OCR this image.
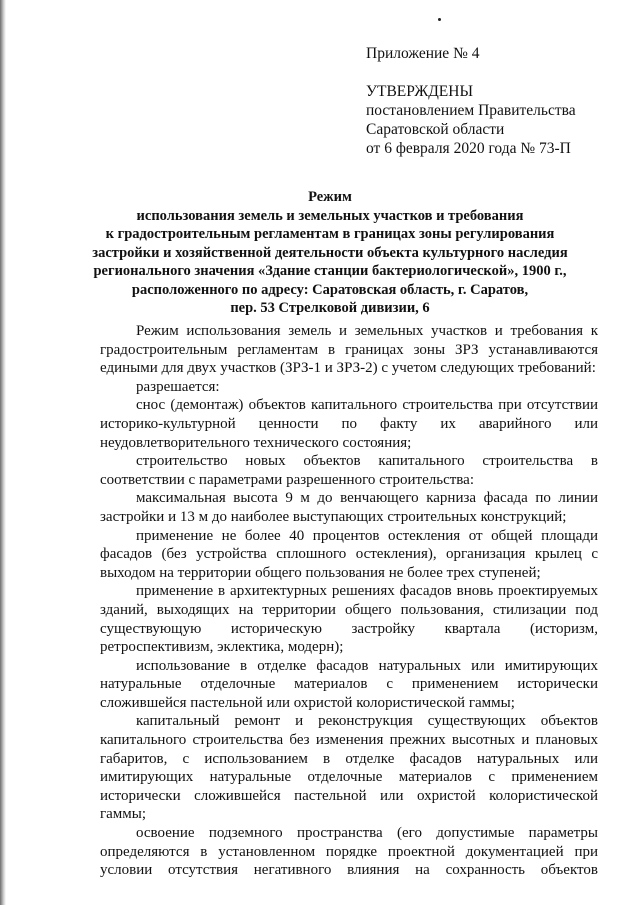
Приложение № 4
УТВЕРЖДЕНЫ
постановлением Правительства
Саратовской области
от 6 февраля 2020 года № 73-П
Режим
использования земель и земельных участков и требования
к градостроительным регламентам в границах зоны регулирования
застройки и хозяйственной деятельности объекта культурного наследия
регионального значения «Здание станции бактериологической», 1900 г.,
расположенного по адресу: Саратовская область, г. Саратов,
пер. 53 Стрелковой дивизии, 6

Режим использования земель и земельных участков и требования к градостроительным регламентам в границах зоны ЗРЗ устанавливаются едиными для двух участков (ЗРЗ-1 и ЗРЗ-2) с учетом следующих требований:

разрешается:

снос (демонтаж) объектов капитального строительства при отсутствии историко-культурной ценности по факту их аварийного или неудовлетворительного технического состояния;

строительство новых объектов капитального строительства в соответствии с параметрами разрешенного строительства:

максимальная высота 9 м до венчающего карниза фасада по линии застройки и 13 м до наиболее выступающих строительных конструкций;

применение не более 40 процентов остекления от общей площади фасадов (без устройства сплошного остекления), организация крылец с выходом на территории общего пользования не более трех ступеней;

применение в архитектурных решениях фасадов вновь проектируемых зданий, выходящих на территории общего пользования, стилизации под существующую историческую застройку квартала (историзм, ретроспективизм, эклектика, модерн);

использование в отделке фасадов натуральных или имитирующих натуральные отделочные материалов с применением исторически сложившейся пастельной или охристой колористической гаммы;

капитальный ремонт и реконструкция существующих объектов капитального строительства без изменения прежних высотных и плановых габаритов, с использованием в отделке фасадов натуральных или имитирующих натуральные отделочные материалов с применением исторически сложившейся пастельной или охристой колористической гаммы;

освоение подземного пространства (его допустимые параметры определяются в установленном порядке проектной документацией при условии отсутствия негативного влияния на сохранность объектов
